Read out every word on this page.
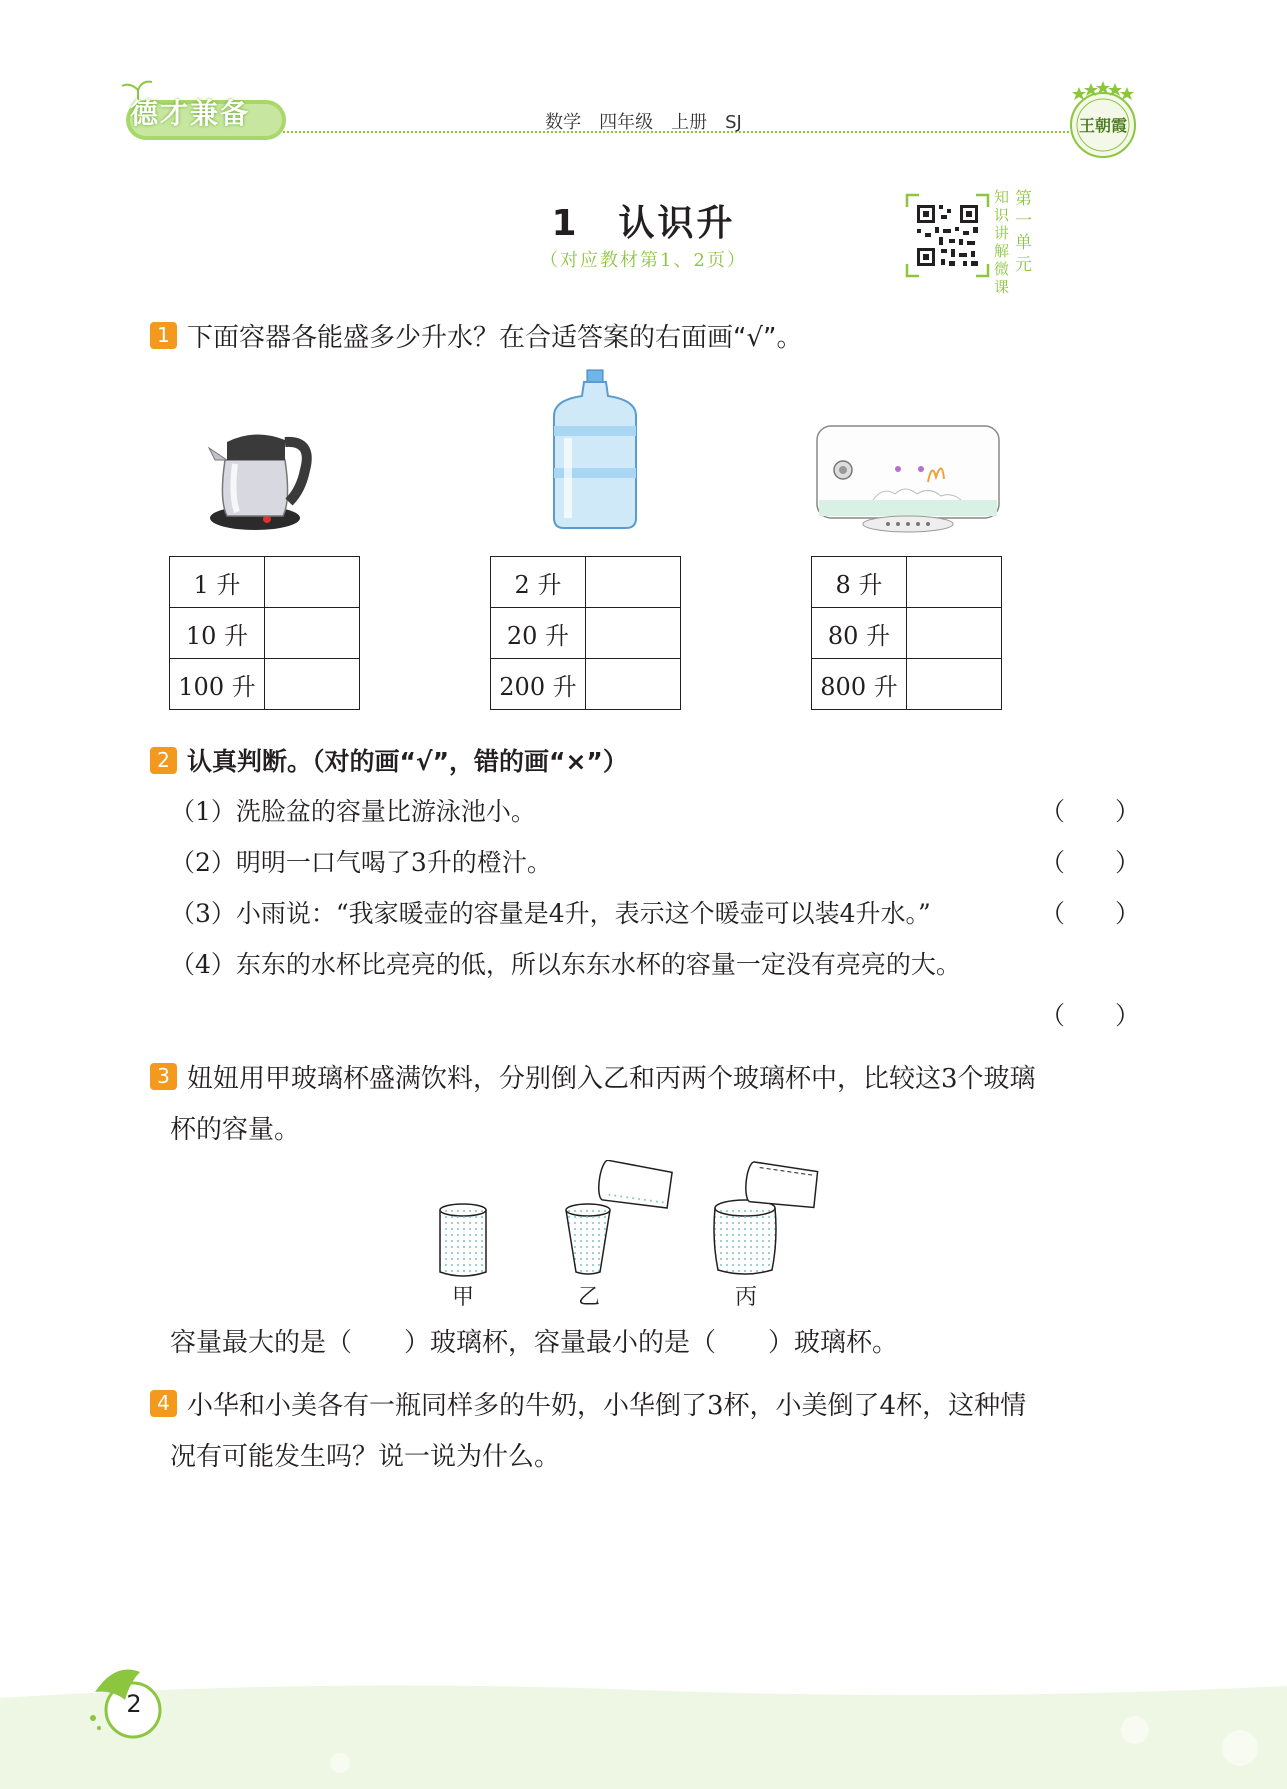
德才兼备	数学　四年级　上册　SJ	王朝霞
1　认识升
（对应教材第1、2页）
知识讲解微课
第一单元
1 下面容器各能盛多少升水？在合适答案的右面画“√”。
1 升	
10 升	
100 升	
2 升	
20 升	
200 升	
8 升	
80 升	
800 升	
2 认真判断。（对的画“√”，错的画“×”）
（1）洗脸盆的容量比游泳池小。	（　　）
（2）明明一口气喝了3升的橙汁。	（　　）
（3）小雨说：“我家暖壶的容量是4升，表示这个暖壶可以装4升水。”	（　　）
（4）东东的水杯比亮亮的低，所以东东水杯的容量一定没有亮亮的大。
（　　）
3 妞妞用甲玻璃杯盛满饮料，分别倒入乙和丙两个玻璃杯中，比较这3个玻璃
杯的容量。
甲	乙	丙
容量最大的是（　　）玻璃杯，容量最小的是（　　）玻璃杯。
4 小华和小美各有一瓶同样多的牛奶，小华倒了3杯，小美倒了4杯，这种情
况有可能发生吗？说一说为什么。
2
